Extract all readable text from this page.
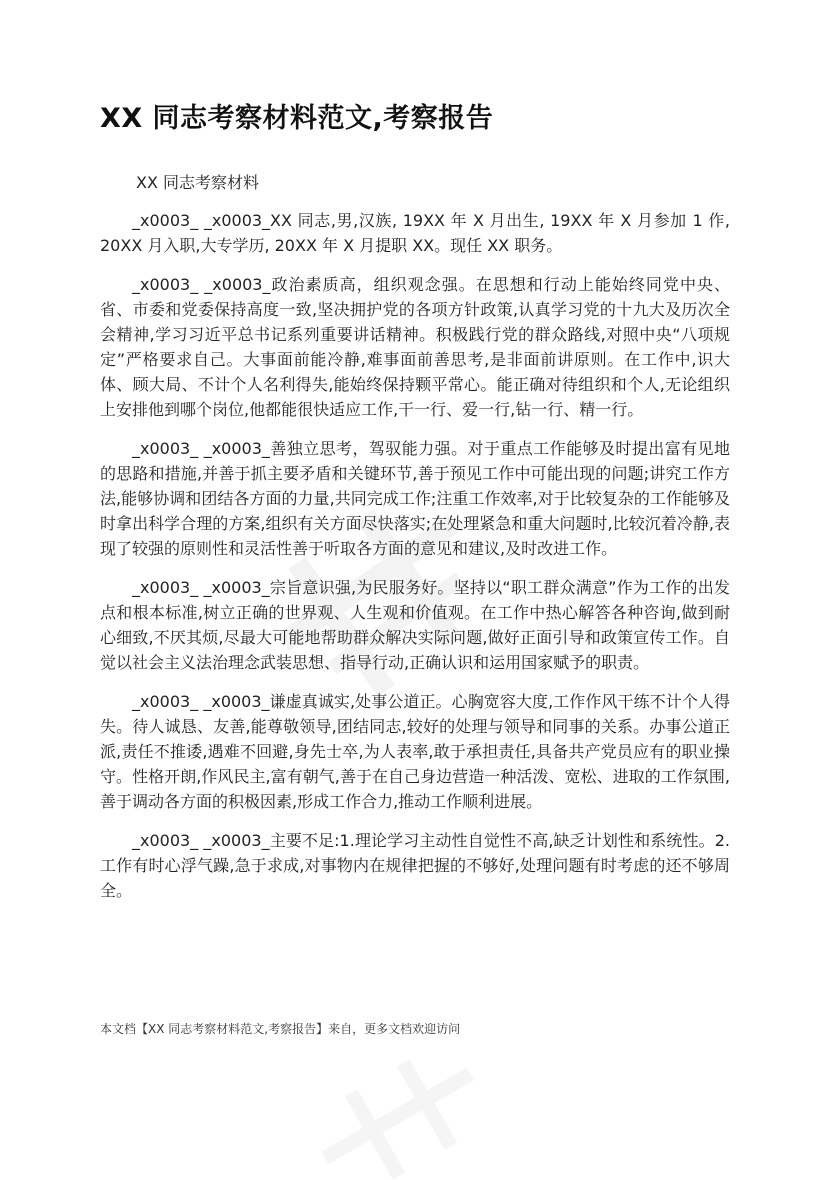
XX 同志考察材料范文,考察报告

XX 同志考察材料

_x0003_ _x0003_XX 同志,男,汉族, 19XX 年 X 月出生, 19XX 年 X 月参加 1 作, 20XX 月入职,大专学历, 20XX 年 X 月提职 XX。现任 XX 职务。

_x0003_ _x0003_政治素质高，组织观念强。在思想和行动上能始终同党中央、省、市委和党委保持高度一致,坚决拥护党的各项方针政策,认真学习党的十九大及历次全会精神,学习习近平总书记系列重要讲话精神。积极践行党的群众路线,对照中央“八项规定”严格要求自己。大事面前能冷静,难事面前善思考,是非面前讲原则。在工作中,识大体、顾大局、不计个人名利得失,能始终保持颗平常心。能正确对待组织和个人,无论组织上安排他到哪个岗位,他都能很快适应工作,干一行、爱一行,钻一行、精一行。

_x0003_ _x0003_善独立思考，驾驭能力强。对于重点工作能够及时提出富有见地的思路和措施,并善于抓主要矛盾和关键环节,善于预见工作中可能出现的问题;讲究工作方法,能够协调和团结各方面的力量,共同完成工作;注重工作效率,对于比较复杂的工作能够及时拿出科学合理的方案,组织有关方面尽快落实;在处理紧急和重大问题时,比较沉着冷静,表现了较强的原则性和灵活性善于听取各方面的意见和建议,及时改进工作。

_x0003_ _x0003_宗旨意识强,为民服务好。坚持以“职工群众满意”作为工作的出发点和根本标准,树立正确的世界观、人生观和价值观。在工作中热心解答各种咨询,做到耐心细致,不厌其烦,尽最大可能地帮助群众解决实际问题,做好正面引导和政策宣传工作。自觉以社会主义法治理念武装思想、指导行动,正确认识和运用国家赋予的职责。

_x0003_ _x0003_谦虚真诚实,处事公道正。心胸宽容大度,工作作风干练不计个人得失。待人诚恳、友善,能尊敬领导,团结同志,较好的处理与领导和同事的关系。办事公道正派,责任不推诿,遇难不回避,身先士卒,为人表率,敢于承担责任,具备共产党员应有的职业操守。性格开朗,作风民主,富有朝气,善于在自己身边营造一种活泼、宽松、进取的工作氛围,善于调动各方面的积极因素,形成工作合力,推动工作顺利进展。

_x0003_ _x0003_主要不足:1.理论学习主动性自觉性不高,缺乏计划性和系统性。2.工作有时心浮气躁,急于求成,对事物内在规律把握的不够好,处理问题有时考虑的还不够周全。

本文档【XX 同志考察材料范文,考察报告】来自，更多文档欢迎访问
